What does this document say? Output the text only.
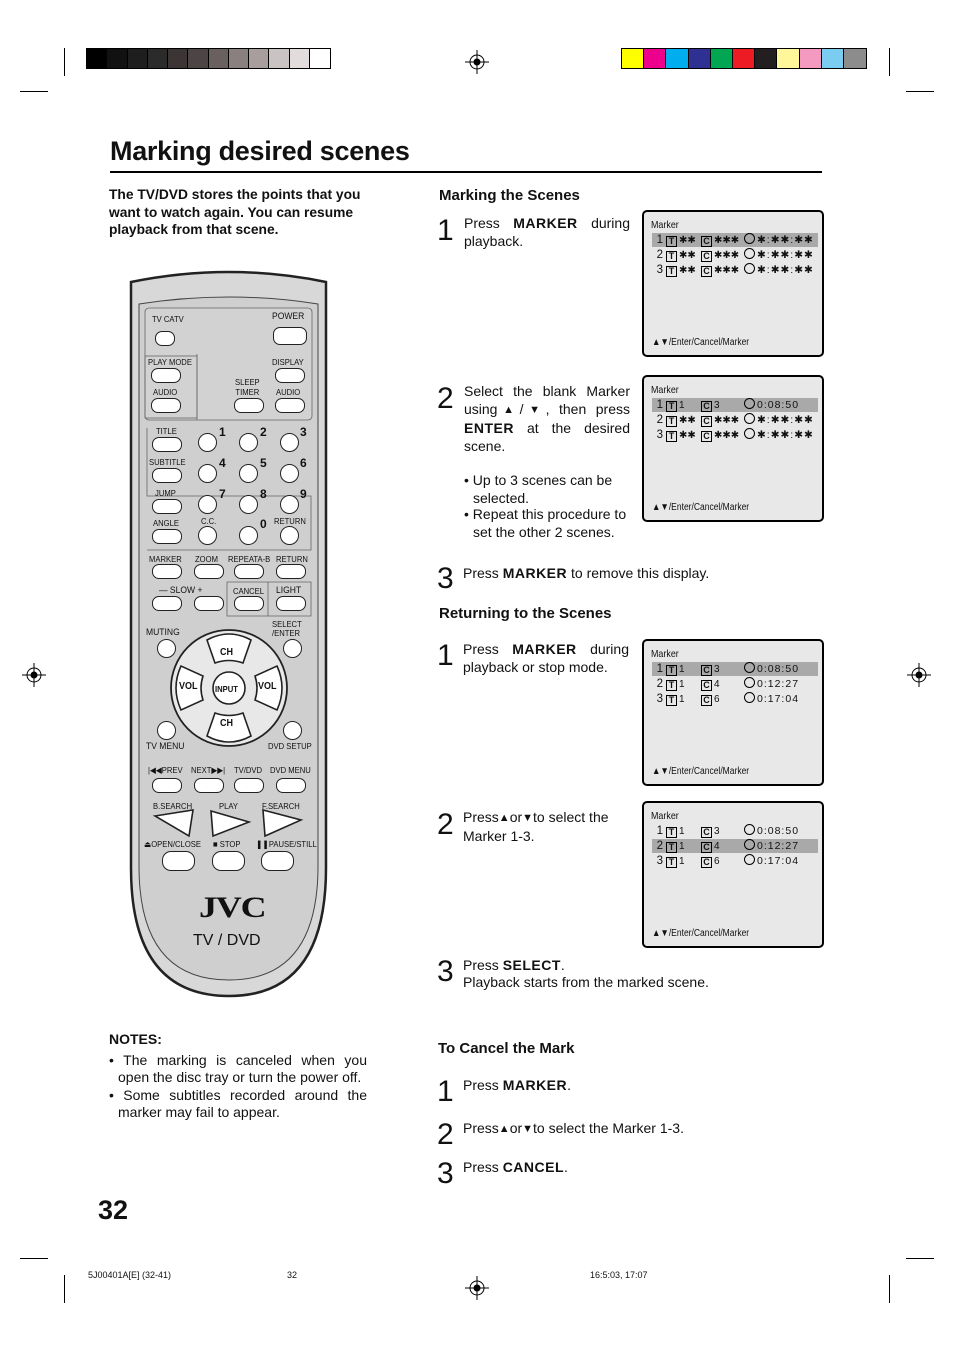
Marking desired scenes
The TV/DVD stores the points that you want to watch again. You can resume playback from that scene.
Marking the Scenes
1 Press MARKER during playback.
2 Select the blank Marker using▲/▼, then press ENTER at the desired scene.
• Up to 3 scenes can be selected.
• Repeat this procedure to set the other 2 scenes.
3 Press MARKER to remove this display.
Returning to the Scenes
1 Press MARKER during playback or stop mode.
2 Press▲or▼to select the Marker 1-3.
3 Press SELECT.
Playback starts from the marked scene.
To Cancel the Mark
1 Press MARKER.
2 Press▲or▼to select the Marker 1-3.
3 Press CANCEL.
Marker
1 T ✱✱ C ✱✱✱ ✱:✱✱:✱✱
2 T ✱✱ C ✱✱✱ ✱:✱✱:✱✱
3 T ✱✱ C ✱✱✱ ✱:✱✱:✱✱
▲▼/Enter/Cancel/Marker
Marker
1 T 1 C 3	0:08:50
2 T ✱✱ C ✱✱✱ ✱:✱✱:✱✱
3 T ✱✱ C ✱✱✱ ✱:✱✱:✱✱
▲▼/Enter/Cancel/Marker
Marker
1 T 1 C 3	0:08:50
2 T 1 C 4	0:12:27
3 T 1 C 6	0:17:04
▲▼/Enter/Cancel/Marker
Marker
1 T 1 C 3	0:08:50
2 T 1 C 4	0:12:27
3 T 1 C 6	0:17:04
▲▼/Enter/Cancel/Marker
TV CATV	POWER
PLAY MODE	DISPLAY
AUDIO
SLEEP
TIMER AUDIO
TITLE
SUBTITLE
JUMP
ANGLE
1	2	3
4	5	6
7	8	9
0
C.C.	RETURN
MARKER ZOOM REPEATA-B RETURN
— SLOW +	CANCEL LIGHT
MUTING
SELECT
/ENTER
CH
CH
VOL	VOL
INPUT
TV MENU	DVD SETUP
|◀◀PREV NEXT▶▶| TV/DVD DVD MENU
B.SEARCH	PLAY	F.SEARCH
⏏OPEN/CLOSE ■ STOP ❚❚PAUSE/STILL
JVC
TV / DVD
NOTES:
• The marking is canceled when you open the disc tray or turn the power off.
• Some subtitles recorded around the marker may fail to appear.
32
5J00401A[E] (32-41)	32	16:5:03, 17:07
